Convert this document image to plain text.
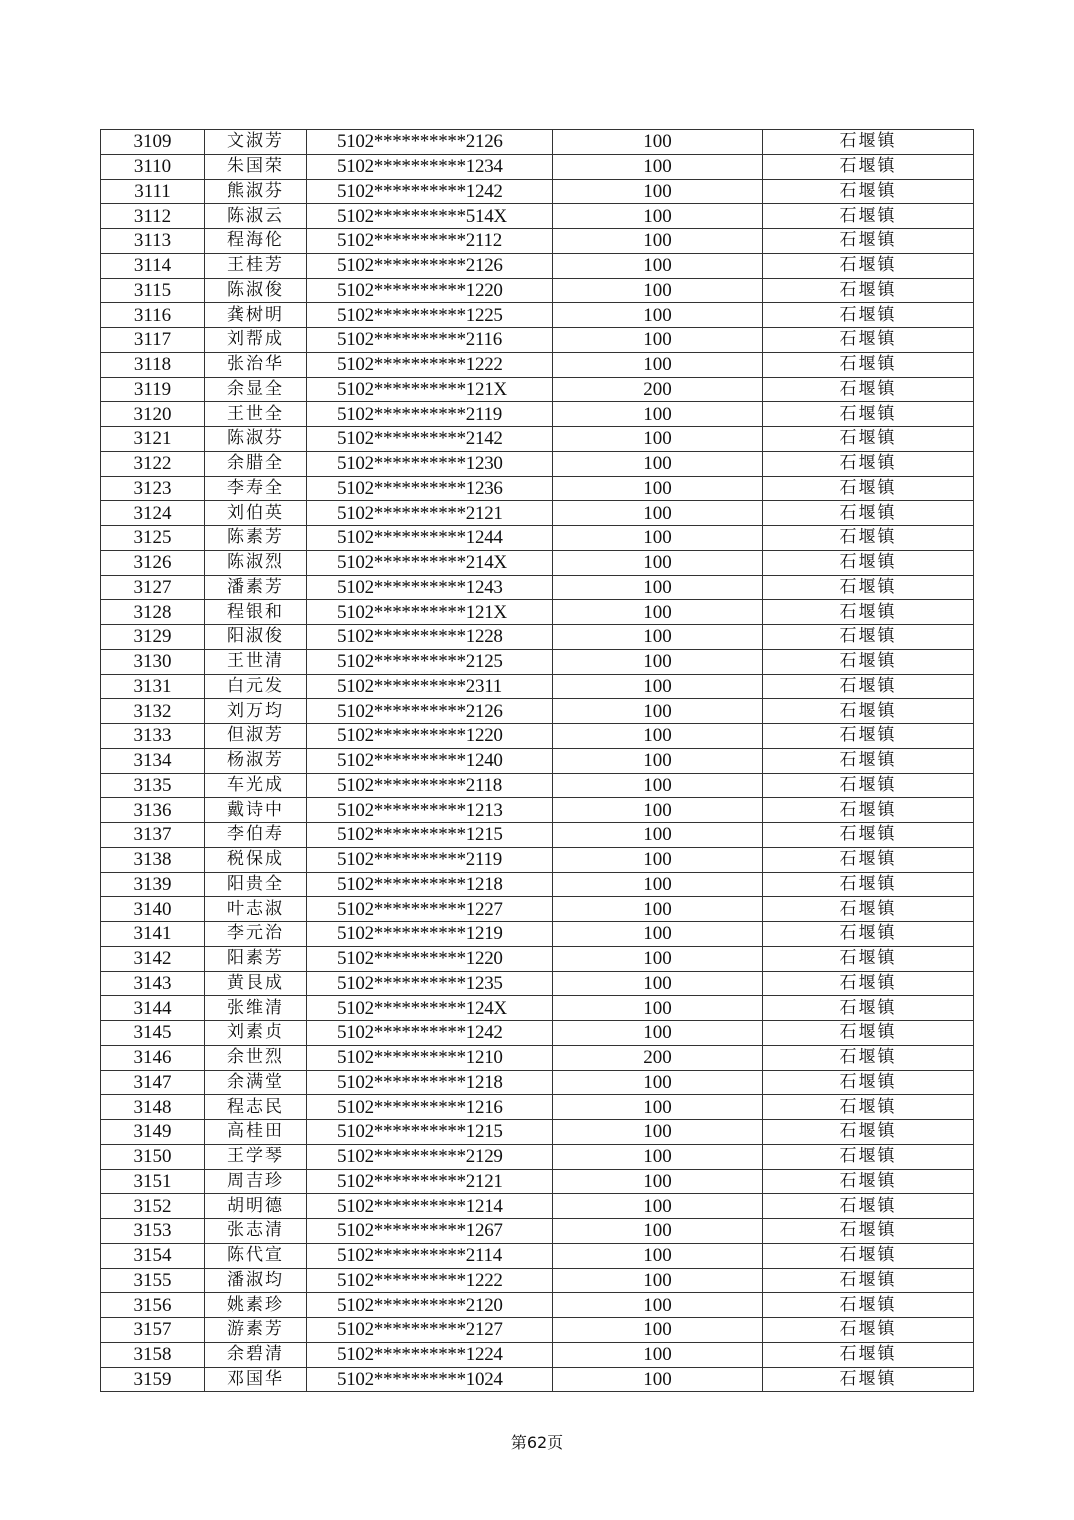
3109	文淑芳	5102**********2126	100	石堰镇
3110	朱国荣	5102**********1234	100	石堰镇
3111	熊淑芬	5102**********1242	100	石堰镇
3112	陈淑云	5102**********514X	100	石堰镇
3113	程海伦	5102**********2112	100	石堰镇
3114	王桂芳	5102**********2126	100	石堰镇
3115	陈淑俊	5102**********1220	100	石堰镇
3116	龚树明	5102**********1225	100	石堰镇
3117	刘帮成	5102**********2116	100	石堰镇
3118	张治华	5102**********1222	100	石堰镇
3119	余显全	5102**********121X	200	石堰镇
3120	王世全	5102**********2119	100	石堰镇
3121	陈淑芬	5102**********2142	100	石堰镇
3122	余腊全	5102**********1230	100	石堰镇
3123	李寿全	5102**********1236	100	石堰镇
3124	刘伯英	5102**********2121	100	石堰镇
3125	陈素芳	5102**********1244	100	石堰镇
3126	陈淑烈	5102**********214X	100	石堰镇
3127	潘素芳	5102**********1243	100	石堰镇
3128	程银和	5102**********121X	100	石堰镇
3129	阳淑俊	5102**********1228	100	石堰镇
3130	王世清	5102**********2125	100	石堰镇
3131	白元发	5102**********2311	100	石堰镇
3132	刘万均	5102**********2126	100	石堰镇
3133	但淑芳	5102**********1220	100	石堰镇
3134	杨淑芳	5102**********1240	100	石堰镇
3135	车光成	5102**********2118	100	石堰镇
3136	戴诗中	5102**********1213	100	石堰镇
3137	李伯寿	5102**********1215	100	石堰镇
3138	税保成	5102**********2119	100	石堰镇
3139	阳贵全	5102**********1218	100	石堰镇
3140	叶志淑	5102**********1227	100	石堰镇
3141	李元治	5102**********1219	100	石堰镇
3142	阳素芳	5102**********1220	100	石堰镇
3143	黄艮成	5102**********1235	100	石堰镇
3144	张维清	5102**********124X	100	石堰镇
3145	刘素贞	5102**********1242	100	石堰镇
3146	余世烈	5102**********1210	200	石堰镇
3147	余满堂	5102**********1218	100	石堰镇
3148	程志民	5102**********1216	100	石堰镇
3149	高桂田	5102**********1215	100	石堰镇
3150	王学琴	5102**********2129	100	石堰镇
3151	周吉珍	5102**********2121	100	石堰镇
3152	胡明德	5102**********1214	100	石堰镇
3153	张志清	5102**********1267	100	石堰镇
3154	陈代宣	5102**********2114	100	石堰镇
3155	潘淑均	5102**********1222	100	石堰镇
3156	姚素珍	5102**********2120	100	石堰镇
3157	游素芳	5102**********2127	100	石堰镇
3158	余碧清	5102**********1224	100	石堰镇
3159	邓国华	5102**********1024	100	石堰镇
第62页
